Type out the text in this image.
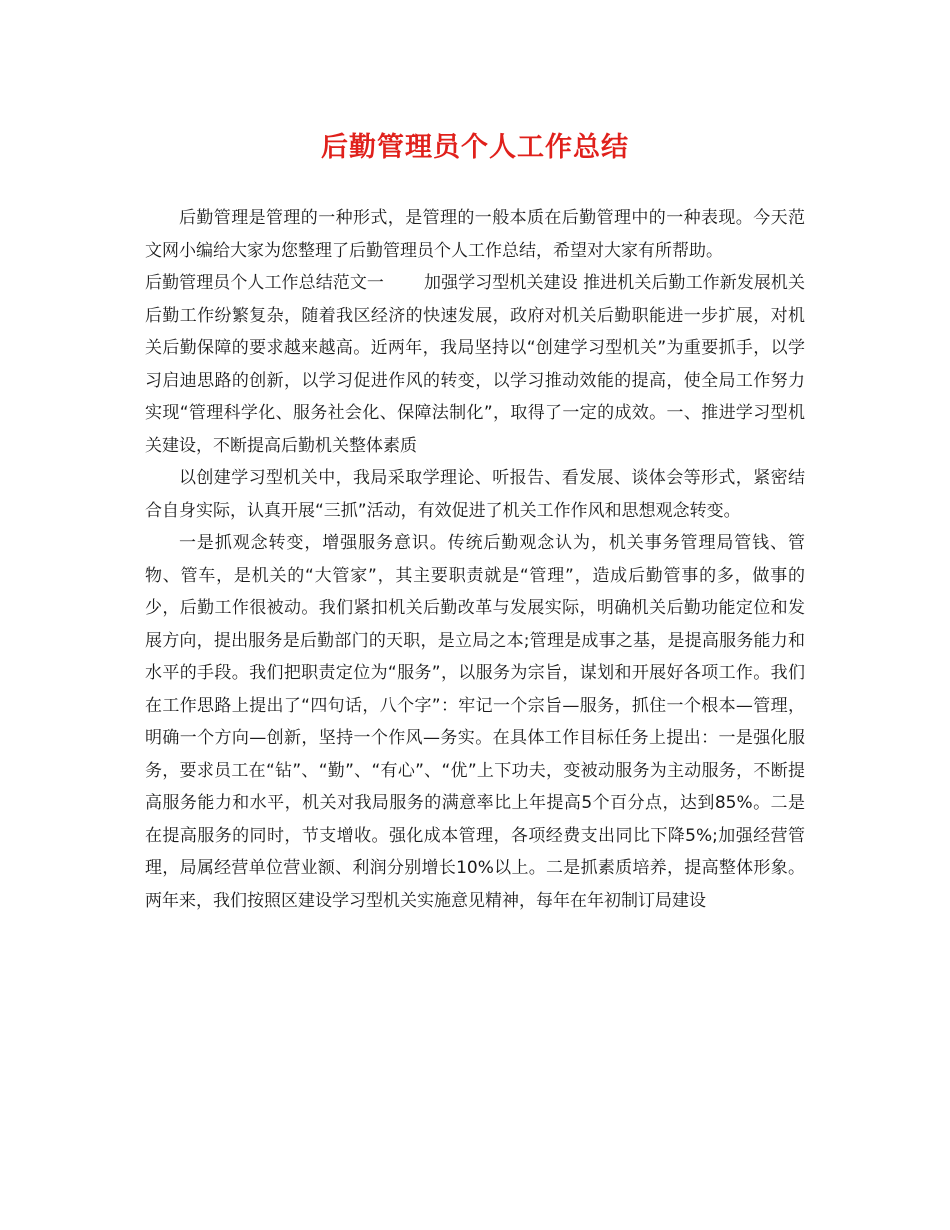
后勤管理员个人工作总结

后勤管理是管理的一种形式，是管理的一般本质在后勤管理中的一种表现。今天范文网小编给大家为您整理了后勤管理员个人工作总结，希望对大家有所帮助。

后勤管理员个人工作总结范文一 加强学习型机关建设 推进机关后勤工作新发展机关后勤工作纷繁复杂，随着我区经济的快速发展，政府对机关后勤职能进一步扩展，对机关后勤保障的要求越来越高。近两年，我局坚持以“创建学习型机关”为重要抓手，以学习启迪思路的创新，以学习促进作风的转变，以学习推动效能的提高，使全局工作努力实现“管理科学化、服务社会化、保障法制化”，取得了一定的成效。一、推进学习型机关建设，不断提高后勤机关整体素质

以创建学习型机关中，我局采取学理论、听报告、看发展、谈体会等形式，紧密结合自身实际，认真开展“三抓”活动，有效促进了机关工作作风和思想观念转变。

一是抓观念转变，增强服务意识。传统后勤观念认为，机关事务管理局管钱、管物、管车，是机关的“大管家”，其主要职责就是“管理”，造成后勤管事的多，做事的少，后勤工作很被动。我们紧扣机关后勤改革与发展实际，明确机关后勤功能定位和发展方向，提出服务是后勤部门的天职，是立局之本;管理是成事之基，是提高服务能力和水平的手段。我们把职责定位为“服务”，以服务为宗旨，谋划和开展好各项工作。我们在工作思路上提出了“四句话，八个字”：牢记一个宗旨—服务，抓住一个根本—管理，明确一个方向—创新，坚持一个作风—务实。在具体工作目标任务上提出：一是强化服务，要求员工在“钻”、“勤”、“有心”、“优”上下功夫，变被动服务为主动服务，不断提高服务能力和水平，机关对我局服务的满意率比上年提高5个百分点，达到85%。二是在提高服务的同时，节支增收。强化成本管理，各项经费支出同比下降5%;加强经营管理，局属经营单位营业额、利润分别增长10%以上。二是抓素质培养，提高整体形象。两年来，我们按照区建设学习型机关实施意见精神，每年在年初制订局建设
